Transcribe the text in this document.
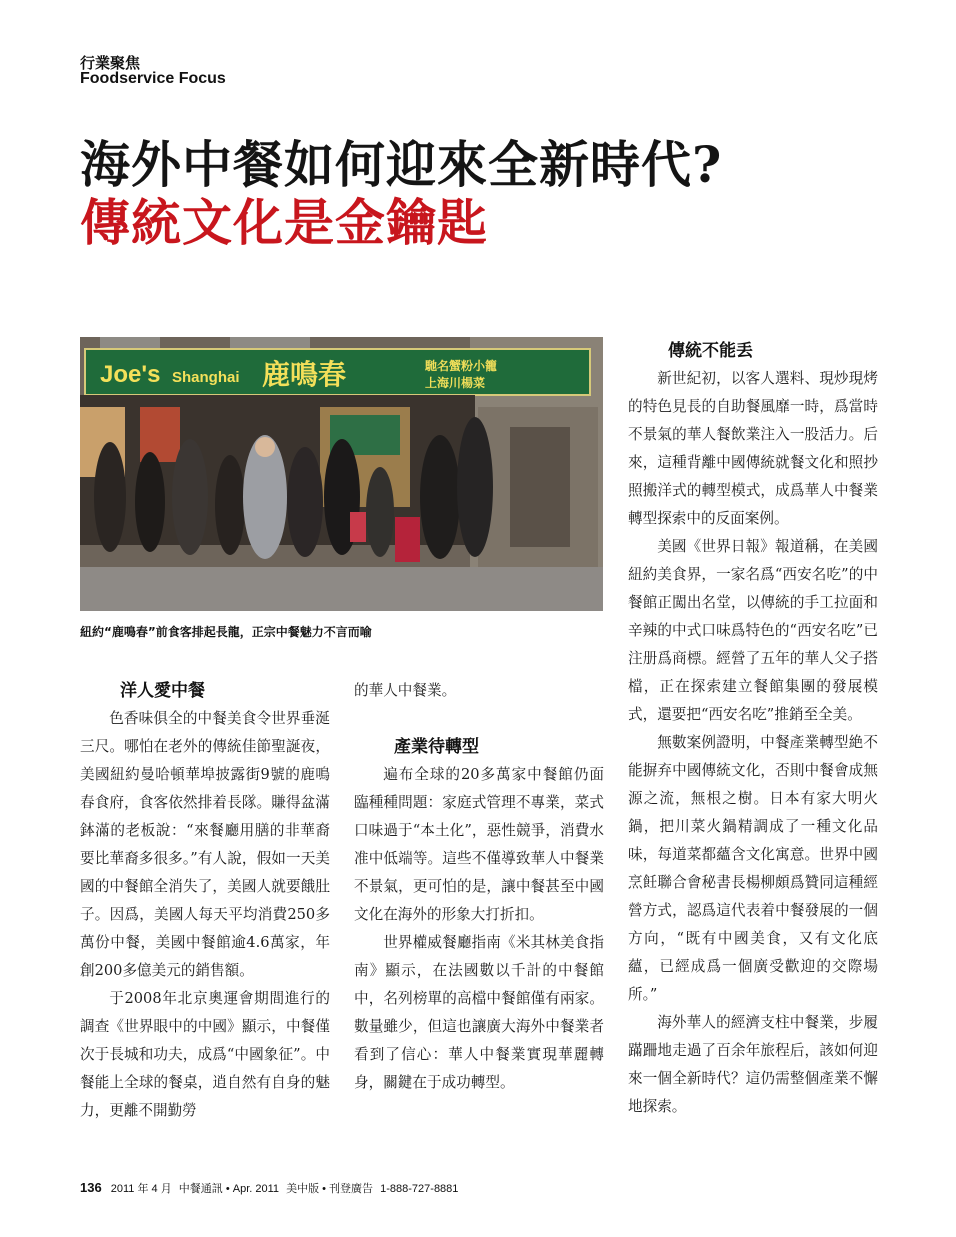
行業聚焦
Foodservice Focus
海外中餐如何迎來全新時代?
傳統文化是金鑰匙
Joe's Shanghai 鹿鳴春	馳名蟹粉小籠
上海川楊菜
紐約“鹿鳴春”前食客排起長龍，正宗中餐魅力不言而喻
洋人愛中餐

色香味俱全的中餐美食令世界垂涎三尺。哪怕在老外的傳統佳節聖誕夜，美國紐約曼哈頓華埠披露街9號的鹿鳴春食府，食客依然排着長隊。賺得盆滿鉢滿的老板說：“來餐廳用膳的非華裔要比華裔多很多。”有人說，假如一天美國的中餐館全消失了，美國人就要餓肚子。因爲，美國人每天平均消費250多萬份中餐，美國中餐館逾4.6萬家，年創200多億美元的銷售額。

于2008年北京奧運會期間進行的調查《世界眼中的中國》顯示，中餐僅次于長城和功夫，成爲“中國象征”。中餐能上全球的餐桌，逍自然有自身的魅力，更離不開勤勞

的華人中餐業。

產業待轉型

遍布全球的20多萬家中餐館仍面臨種種問題：家庭式管理不專業，菜式口味過于“本土化”，惡性競爭，消費水准中低端等。這些不僅導致華人中餐業不景氣，更可怕的是，讓中餐甚至中國文化在海外的形象大打折扣。

世界權威餐廳指南《米其林美食指南》顯示，在法國數以千計的中餐館中，名列榜單的高檔中餐館僅有兩家。數量雖少，但這也讓廣大海外中餐業者看到了信心：華人中餐業實現華麗轉身，關鍵在于成功轉型。

傳統不能丢

新世紀初，以客人選料、現炒現烤的特色見長的自助餐風靡一時，爲當時不景氣的華人餐飲業注入一股活力。后來，這種背離中國傳統就餐文化和照抄照搬洋式的轉型模式，成爲華人中餐業轉型探索中的反面案例。

美國《世界日報》報道稱，在美國紐約美食界，一家名爲“西安名吃”的中餐館正闖出名堂，以傳統的手工拉面和辛辣的中式口味爲特色的“西安名吃”已注册爲商標。經營了五年的華人父子搭檔，正在探索建立餐館集團的發展模式，還要把“西安名吃”推銷至全美。

無數案例證明，中餐產業轉型絶不能摒弃中國傳統文化，否則中餐會成無源之流，無根之樹。日本有家大明火鍋，把川菜火鍋精調成了一種文化品味，每道菜都蘊含文化寓意。世界中國烹飪聯合會秘書長楊柳頗爲贊同這種經營方式，認爲這代表着中餐發展的一個方向，“既有中國美食，又有文化底蘊，已經成爲一個廣受歡迎的交際場所。”

海外華人的經濟支柱中餐業，步履蹣跚地走過了百余年旅程后，該如何迎來一個全新時代？這仍需整個產業不懈地探索。

136 2011 年 4 月 中餐通訊 • Apr. 2011 美中版 • 刊登廣告 1-888-727-8881
